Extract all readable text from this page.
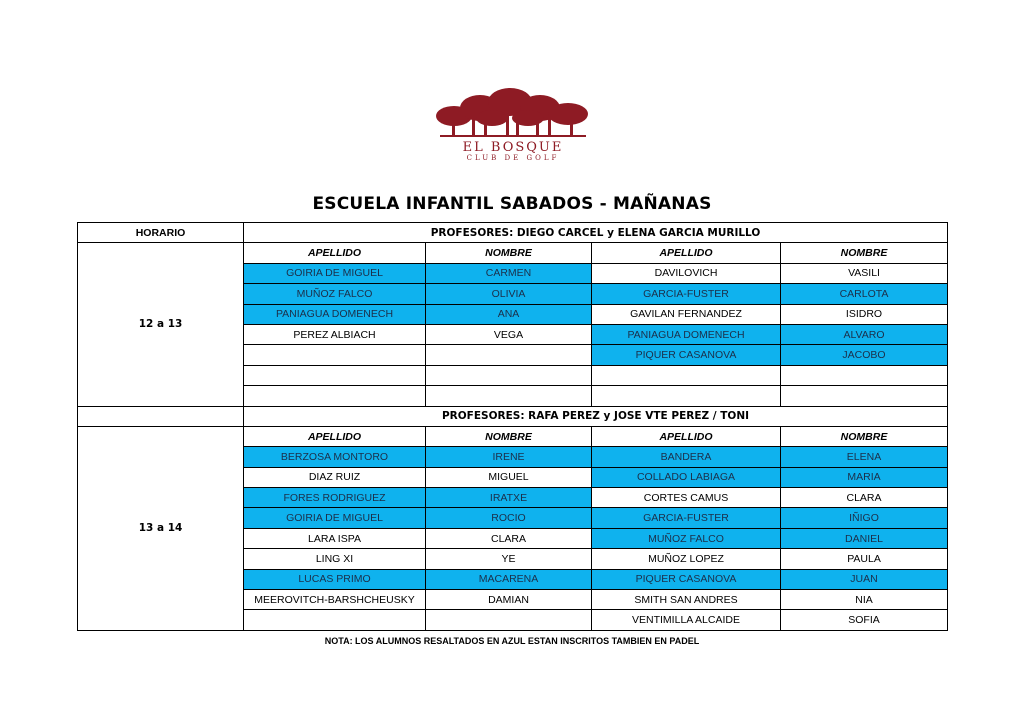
EL BOSQUE
CLUB DE GOLF
ESCUELA INFANTIL SABADOS - MAÑANAS
HORARIO	PROFESORES: DIEGO CARCEL y ELENA GARCIA MURILLO			
12 a 13	APELLIDO	NOMBRE	APELLIDO	NOMBRE
	GOIRIA DE MIGUEL	CARMEN	DAVILOVICH	VASILI
	MUÑOZ FALCO	OLIVIA	GARCIA-FUSTER	CARLOTA
	PANIAGUA DOMENECH	ANA	GAVILAN FERNANDEZ	ISIDRO
	PEREZ ALBIACH	VEGA	PANIAGUA DOMENECH	ALVARO
			PIQUER CASANOVA	JACOBO

	PROFESORES: RAFA PEREZ y JOSE VTE PEREZ / TONI			
13 a 14	APELLIDO	NOMBRE	APELLIDO	NOMBRE
	BERZOSA MONTORO	IRENE	BANDERA	ELENA
	DIAZ RUIZ	MIGUEL	COLLADO LABIAGA	MARIA
	FORES RODRIGUEZ	IRATXE	CORTES CAMUS	CLARA
	GOIRIA DE MIGUEL	ROCIO	GARCIA-FUSTER	IÑIGO
	LARA ISPA	CLARA	MUÑOZ FALCO	DANIEL
	LING XI	YE	MUÑOZ LOPEZ	PAULA
	LUCAS PRIMO	MACARENA	PIQUER CASANOVA	JUAN
	MEEROVITCH-BARSHCHEUSKY	DAMIAN	SMITH SAN ANDRES	NIA
			VENTIMILLA ALCAIDE	SOFIA
NOTA: LOS ALUMNOS RESALTADOS EN AZUL ESTAN INSCRITOS TAMBIEN EN PADEL
